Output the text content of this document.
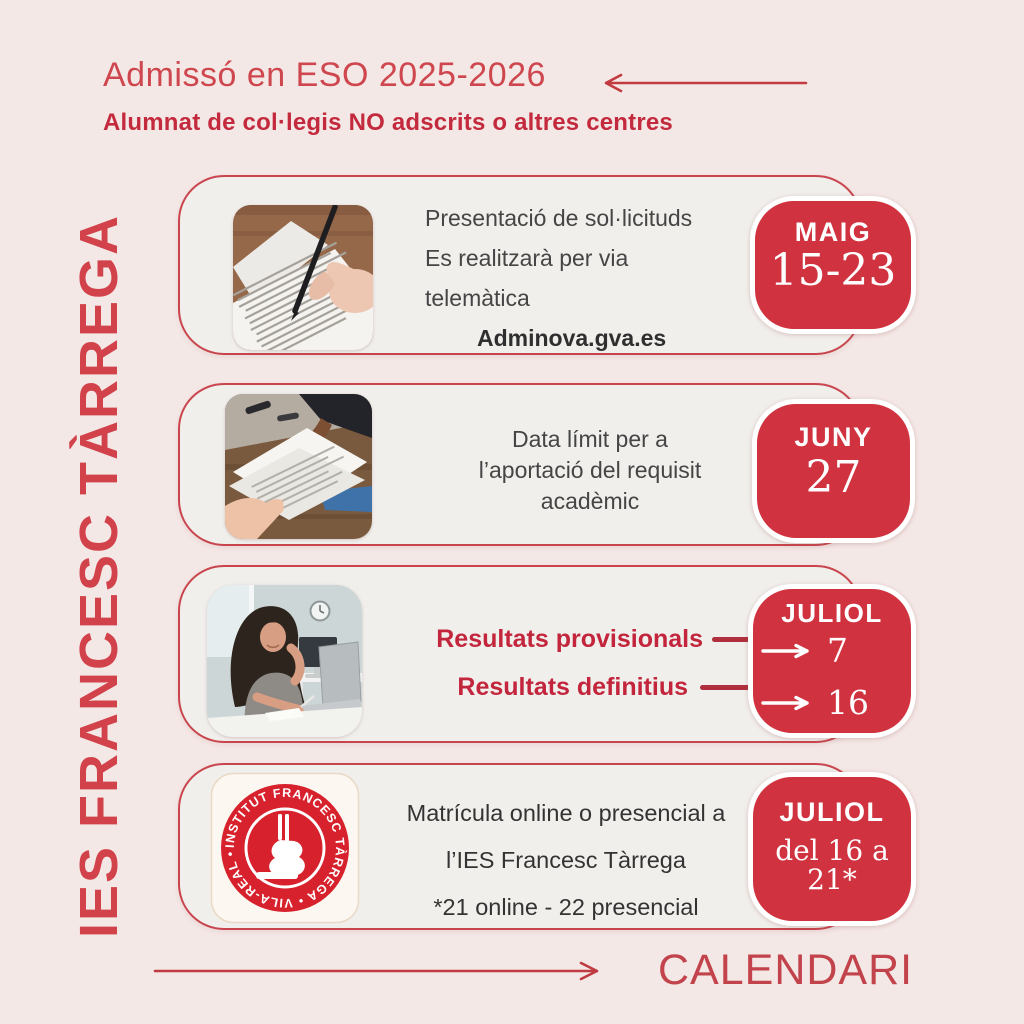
IES FRANCESC TÀRREGA
Admissó en ESO 2025-2026
Alumnat de col·legis NO adscrits o altres centres
Presentació de sol·licituds
Es realitzarà per via
telemàtica
Adminova.gva.es
MAIG
15-23
Data límit per a
l’aportació del requisit
acadèmic
JUNY
27
Resultats provisionals
Resultats definitius
JULIOL
7
16
INSTITUT FRANCESC TÀRREGA • VILA-REAL •
Matrícula online o presencial a
l’IES Francesc Tàrrega
*21 online - 22 presencial
JULIOL
del 16 a 21*
CALENDARI
